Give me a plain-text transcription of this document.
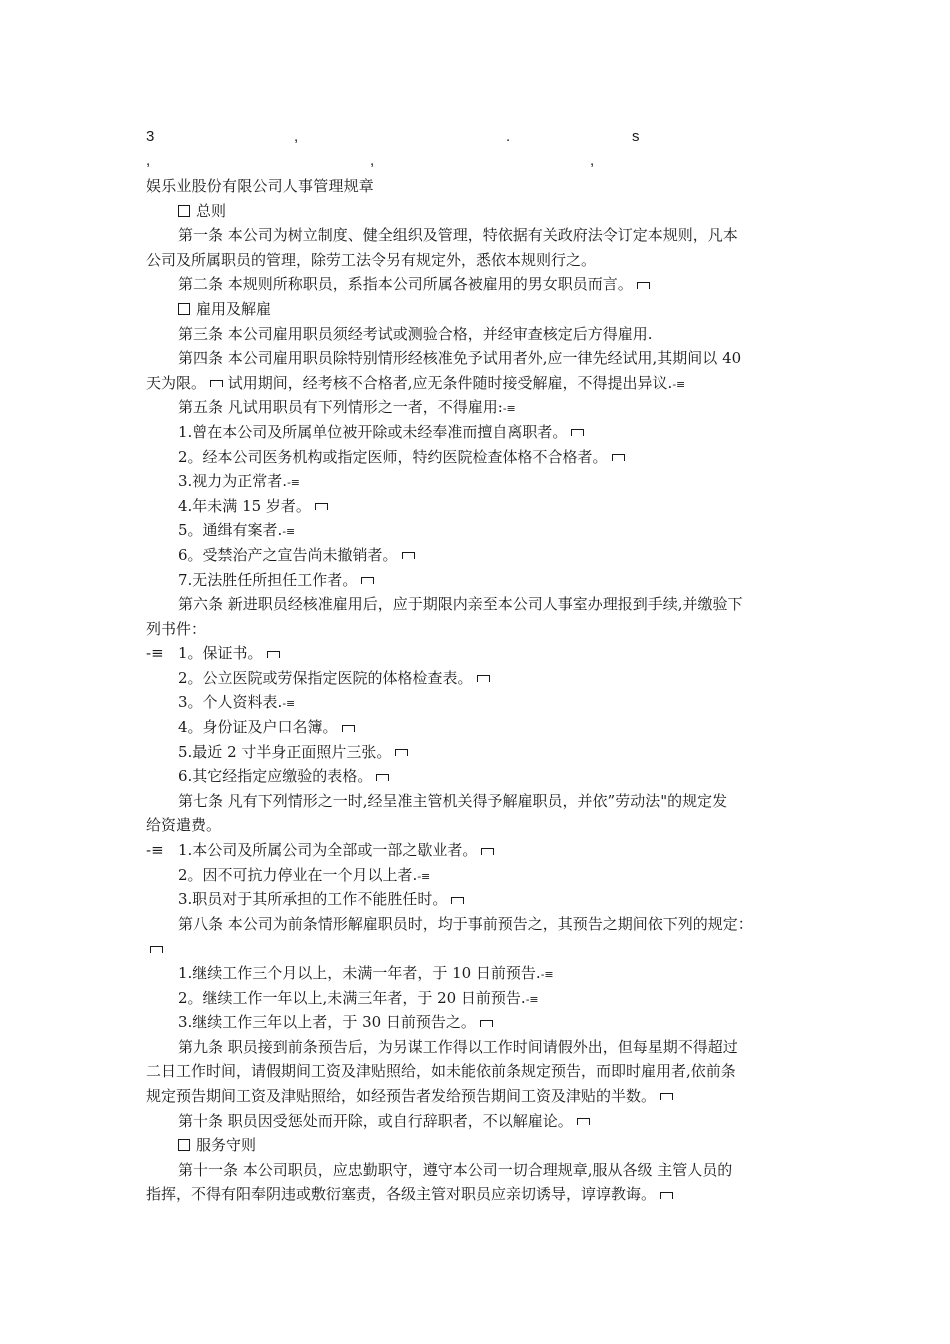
3	,	.	s
,	,	,
娱乐业股份有限公司人事管理规章
总则
第一条 本公司为树立制度、健全组织及管理，特依据有关政府法令订定本规则，凡本
公司及所属职员的管理，除劳工法令另有规定外，悉依本规则行之。
第二条 本规则所称职员，系指本公司所属各被雇用的男女职员而言。
雇用及解雇
第三条 本公司雇用职员须经考试或测验合格，并经审查核定后方得雇用.
第四条 本公司雇用职员除特别情形经核准免予试用者外,应一律先经试用,其期间以 40
天为限。 试用期间，经考核不合格者,应无条件随时接受解雇，不得提出异议.-≡
第五条 凡试用职员有下列情形之一者，不得雇用:-≡
1.曾在本公司及所属单位被开除或未经奉准而擅自离职者。
2。经本公司医务机构或指定医师，特约医院检查体格不合格者。
3.视力为正常者.-≡
4.年未满 15 岁者。
5。通缉有案者.-≡
6。受禁治产之宣告尚未撤销者。
7.无法胜任所担任工作者。
第六条 新进职员经核准雇用后，应于期限内亲至本公司人事室办理报到手续,并缴验下
列书件：
-≡ 1。保证书。
2。公立医院或劳保指定医院的体格检查表。
3。个人资料表.-≡
4。身份证及户口名簿。
5.最近 2 寸半身正面照片三张。
6.其它经指定应缴验的表格。
第七条 凡有下列情形之一时,经呈准主管机关得予解雇职员，并依”劳动法"的规定发
给资遣费。
-≡ 1.本公司及所属公司为全部或一部之歇业者。
2。因不可抗力停业在一个月以上者.-≡
3.职员对于其所承担的工作不能胜任时。
第八条 本公司为前条情形解雇职员时，均于事前预告之，其预告之期间依下列的规定：
1.继续工作三个月以上，未满一年者，于 10 日前预告.-≡
2。继续工作一年以上,未满三年者，于 20 日前预告.-≡
3.继续工作三年以上者，于 30 日前预告之。
第九条 职员接到前条预告后，为另谋工作得以工作时间请假外出，但每星期不得超过
二日工作时间，请假期间工资及津贴照给，如未能依前条规定预告，而即时雇用者,依前条
规定预告期间工资及津贴照给，如经预告者发给预告期间工资及津贴的半数。
第十条 职员因受惩处而开除，或自行辞职者，不以解雇论。
服务守则
第十一条 本公司职员，应忠勤职守，遵守本公司一切合理规章,服从各级 主管人员的
指挥，不得有阳奉阴违或敷衍塞责，各级主管对职员应亲切诱导，谆谆教诲。
